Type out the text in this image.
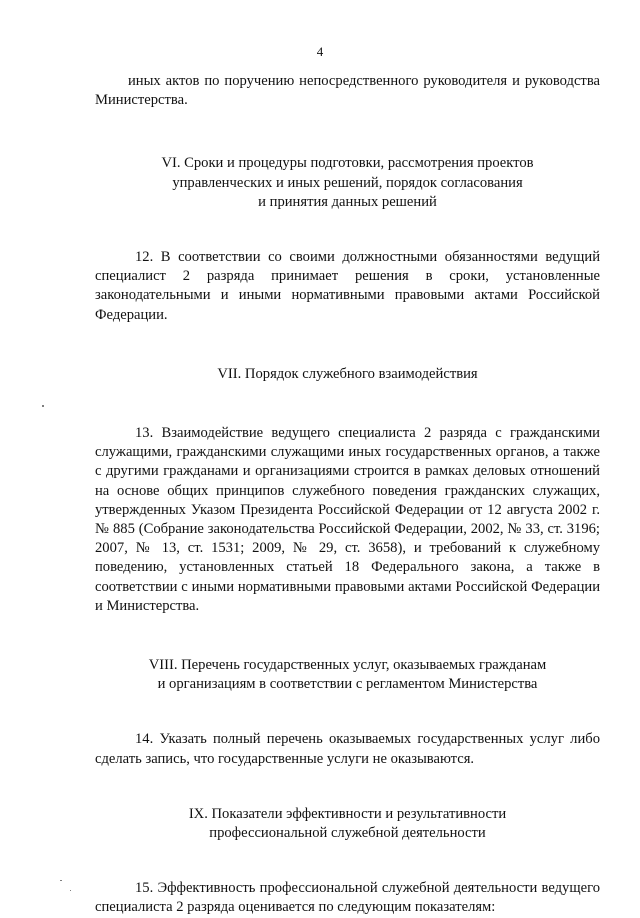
4

иных актов по поручению непосредственного руководителя и руководства Министерства.

VI. Сроки и процедуры подготовки, рассмотрения проектов
управленческих и иных решений, порядок согласования
и принятия данных решений

12. В соответствии со своими должностными обязанностями ведущий специалист 2 разряда принимает решения в сроки, установленные законодательными и иными нормативными правовыми актами Российской Федерации.

VII. Порядок служебного взаимодействия

13. Взаимодействие ведущего специалиста 2 разряда с гражданскими служащими, гражданскими служащими иных государственных органов, а также с другими гражданами и организациями строится в рамках деловых отношений на основе общих принципов служебного поведения гражданских служащих, утвержденных Указом Президента Российской Федерации от 12 августа 2002 г. № 885 (Собрание законодательства Российской Федерации, 2002, № 33, ст. 3196; 2007, № 13, ст. 1531; 2009, № 29, ст. 3658), и требований к служебному поведению, установленных статьей 18 Федерального закона, а также в соответствии с иными нормативными правовыми актами Российской Федерации и Министерства.

VIII. Перечень государственных услуг, оказываемых гражданам
и организациям в соответствии с регламентом Министерства

14. Указать полный перечень оказываемых государственных услуг либо сделать запись, что государственные услуги не оказываются.

IX. Показатели эффективности и результативности
профессиональной служебной деятельности

15. Эффективность профессиональной служебной деятельности ведущего специалиста 2 разряда оценивается по следующим показателям:
